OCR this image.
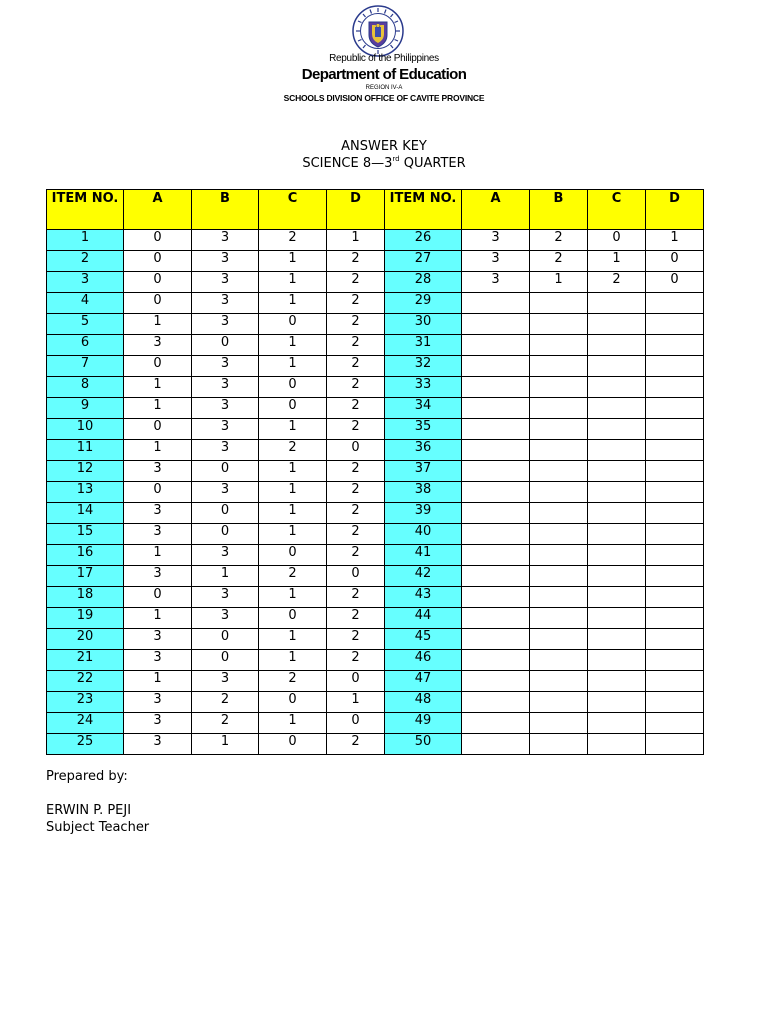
Republic of the Philippines
Department of Education
REGION IV-A
SCHOOLS DIVISION OFFICE OF CAVITE PROVINCE
ANSWER KEY
SCIENCE 8—3rd QUARTER
ITEM NO.	A	B	C	D	ITEM NO.	A	B	C	D
1	0	3	2	1	26	3	2	0	1
2	0	3	1	2	27	3	2	1	0
3	0	3	1	2	28	3	1	2	0
4	0	3	1	2	29				
5	1	3	0	2	30				
6	3	0	1	2	31				
7	0	3	1	2	32				
8	1	3	0	2	33				
9	1	3	0	2	34				
10	0	3	1	2	35				
11	1	3	2	0	36				
12	3	0	1	2	37				
13	0	3	1	2	38				
14	3	0	1	2	39				
15	3	0	1	2	40				
16	1	3	0	2	41				
17	3	1	2	0	42				
18	0	3	1	2	43				
19	1	3	0	2	44				
20	3	0	1	2	45				
21	3	0	1	2	46				
22	1	3	2	0	47				
23	3	2	0	1	48				
24	3	2	1	0	49				
25	3	1	0	2	50				
Prepared by:
ERWIN P. PEJI
Subject Teacher
